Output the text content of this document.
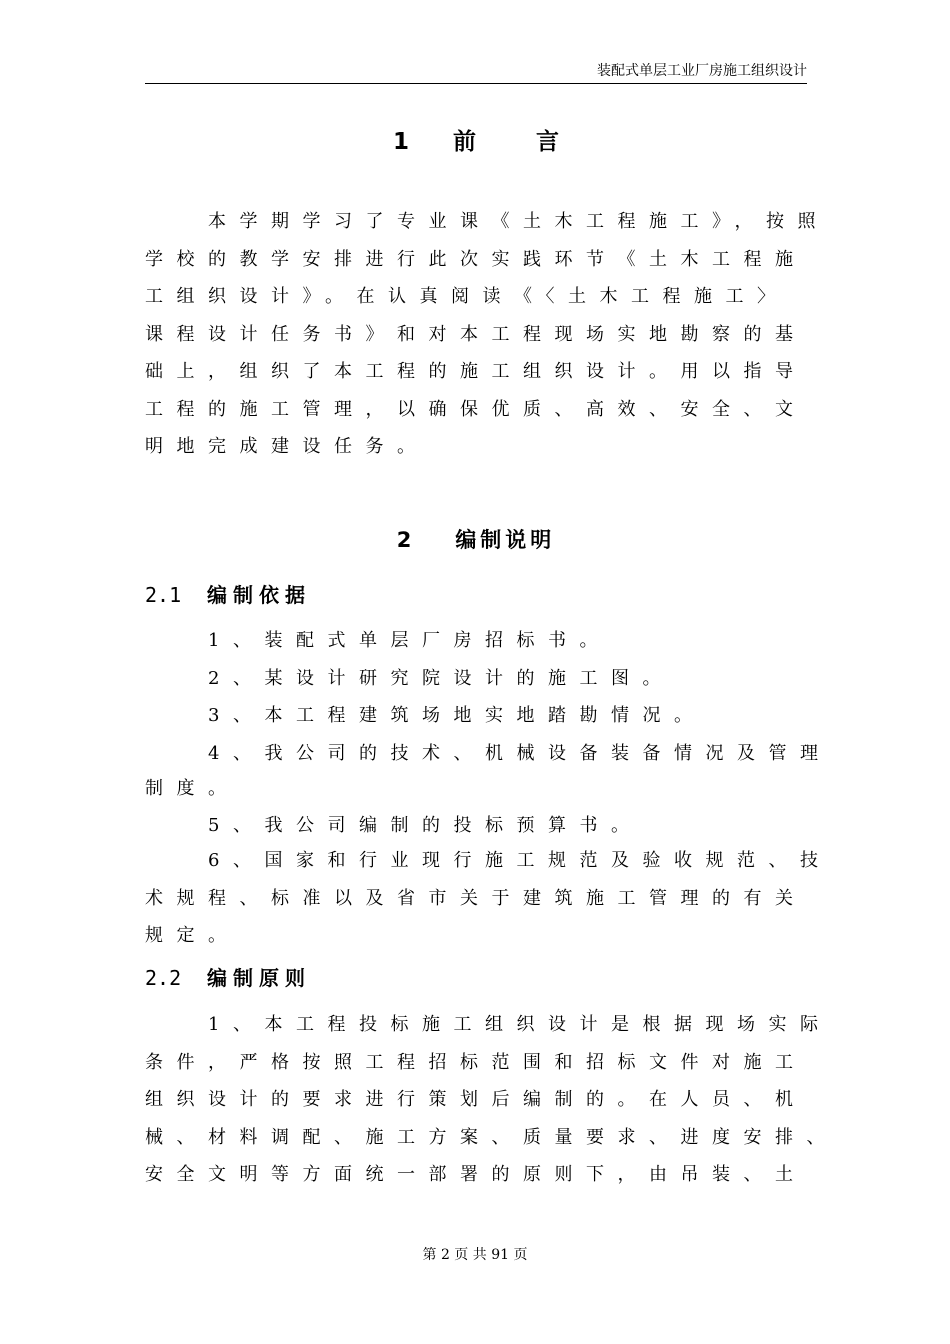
装配式单层工业厂房施工组织设计
1 前	言
　　本学期学习了专业课《土木工程施工》，按照
学校的教学安排进行此次实践环节《土木工程施
工组织设计》。在认真阅读《〈土木工程施工〉
课程设计任务书》和对本工程现场实地勘察的基
础上，组织了本工程的施工组织设计。用以指导
工程的施工管理，以确保优质、高效、安全、文
明地完成建设任务。
2 编制说明
2.1 编制依据
　　1、装配式单层厂房招标书。
　　2、某设计研究院设计的施工图。
　　3、本工程建筑场地实地踏勘情况。
　　4、我公司的技术、机械设备装备情况及管理
制度。
　　5、我公司编制的投标预算书。
　　6、国家和行业现行施工规范及验收规范、技
术规程、标准以及省市关于建筑施工管理的有关
规定。
2.2 编制原则
　　1、本工程投标施工组织设计是根据现场实际
条件，严格按照工程招标范围和招标文件对施工
组织设计的要求进行策划后编制的。在人员、机
械、材料调配、施工方案、质量要求、进度安排、
安全文明等方面统一部署的原则下，由吊装、土
第 2 页 共 91 页
